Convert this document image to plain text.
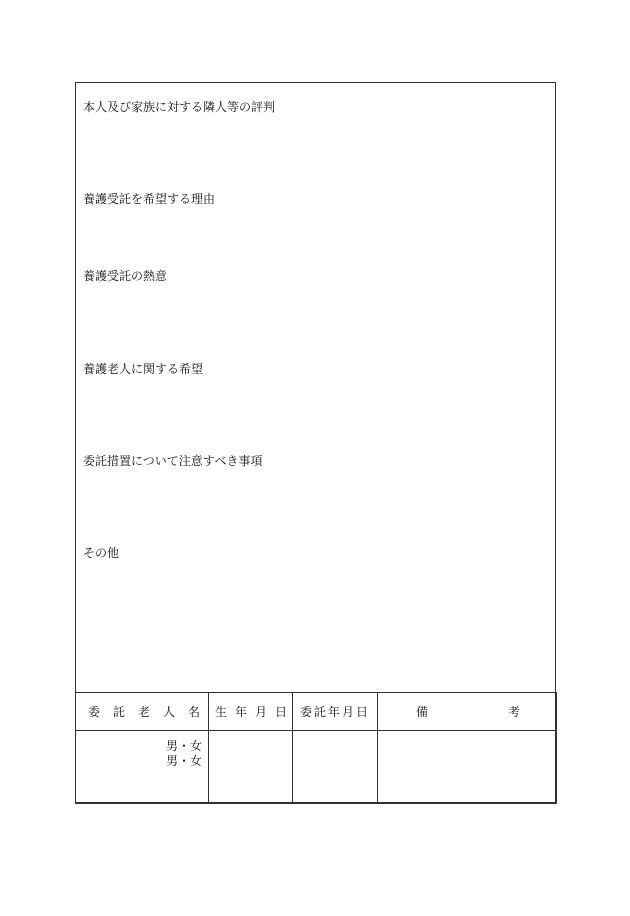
本人及び家族に対する隣人等の評判
養護受託を希望する理由
養護受託の熱意
養護老人に関する希望
委託措置について注意すべき事項
その他
委託老人名	生年月日	委託年月日	備 考

男・女
男・女			
